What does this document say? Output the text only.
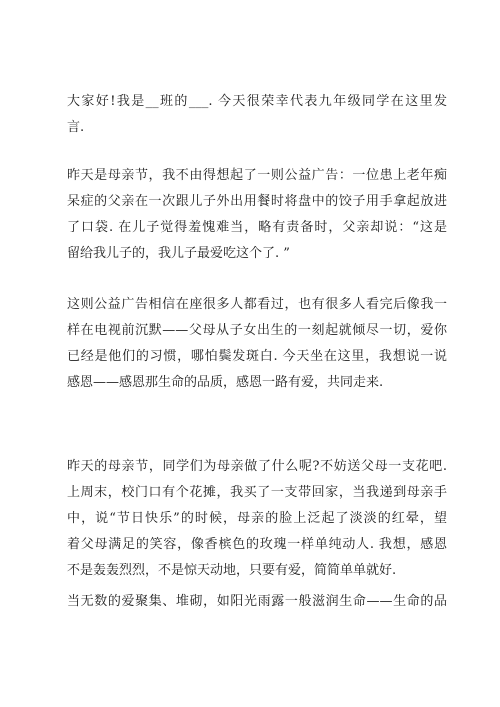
大家好!我是__班的___. 今天很荣幸代表九年级同学在这里发
言.
昨天是母亲节，我不由得想起了一则公益广告：一位患上老年痴
呆症的父亲在一次跟儿子外出用餐时将盘中的饺子用手拿起放进
了口袋. 在儿子觉得羞愧难当，略有责备时，父亲却说：“这是
留给我儿子的，我儿子最爱吃这个了. ”
这则公益广告相信在座很多人都看过，也有很多人看完后像我一
样在电视前沉默——父母从子女出生的一刻起就倾尽一切，爱你
已经是他们的习惯，哪怕鬓发斑白. 今天坐在这里，我想说一说
感恩——感恩那生命的品质，感恩一路有爱，共同走来.
昨天的母亲节，同学们为母亲做了什么呢?不妨送父母一支花吧.
上周末，校门口有个花摊，我买了一支带回家，当我递到母亲手
中，说“节日快乐”的时候，母亲的脸上泛起了淡淡的红晕，望
着父母满足的笑容，像香槟色的玫瑰一样单纯动人. 我想，感恩
不是轰轰烈烈，不是惊天动地，只要有爱，简简单单就好.
当无数的爱聚集、堆砌，如阳光雨露一般滋润生命——生命的品
